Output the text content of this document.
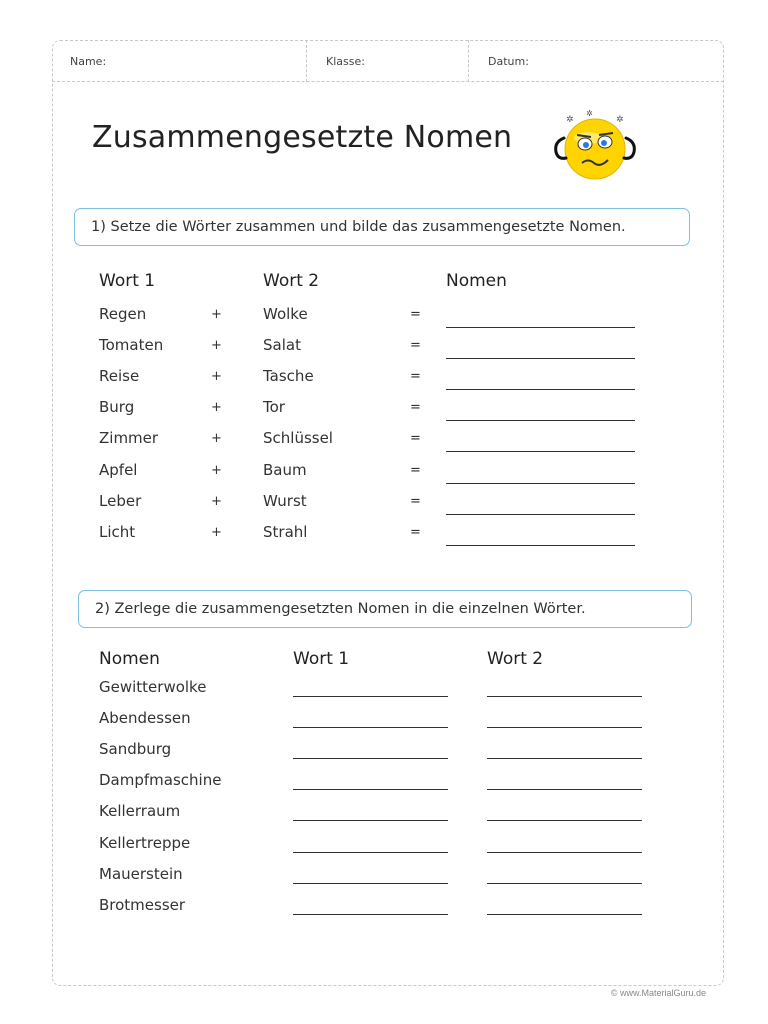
Name:	Klasse:	Datum:
Zusammengesetzte Nomen	✲
✲
✲
1) Setze die Wörter zusammen und bilde das zusammengesetzte Nomen.
Wort 1	Wort 2	Nomen
Regen	+	Wolke	=
Tomaten	+	Salat	=
Reise	+	Tasche	=
Burg	+	Tor	=
Zimmer	+	Schlüssel	=
Apfel	+	Baum	=
Leber	+	Wurst	=
Licht	+	Strahl	=
2) Zerlege die zusammengesetzten Nomen in die einzelnen Wörter.
Nomen	Wort 1	Wort 2
Gewitterwolke
Abendessen
Sandburg
Dampfmaschine
Kellerraum
Kellertreppe
Mauerstein
Brotmesser
© www.MaterialGuru.de
